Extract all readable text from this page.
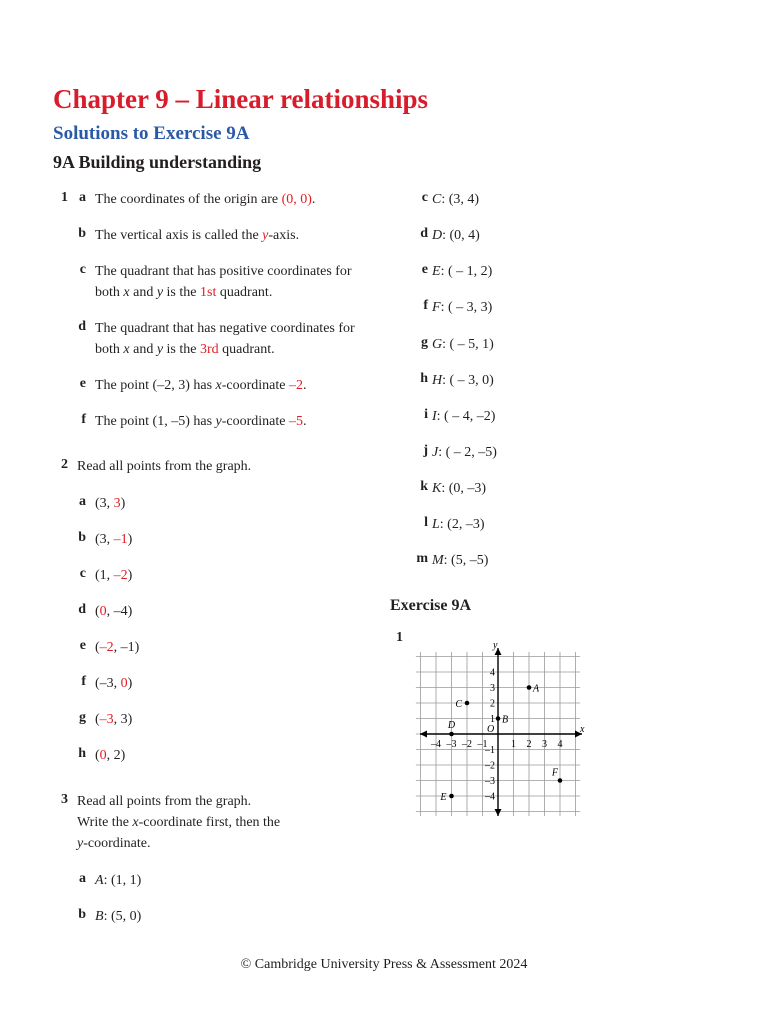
Chapter 9 – Linear relationships
Solutions to Exercise 9A
9A Building understanding
1 a The coordinates of the origin are (0, 0).
b The vertical axis is called the y-axis.
c The quadrant that has positive coordinates for
both x and y is the 1st quadrant.
d The quadrant that has negative coordinates for
both x and y is the 3rd quadrant.
e The point (–2, 3) has x-coordinate –2.
f The point (1, –5) has y-coordinate –5.
2 Read all points from the graph.
a (3, 3)
b (3, –1)
c (1, –2)
d (0, –4)
e (–2, –1)
f (–3, 0)
g (–3, 3)
h (0, 2)
3 Read all points from the graph.
Write the x-coordinate first, then the
y-coordinate.
a A: (1, 1)
b B: (5, 0)
c C: (3, 4)
d D: (0, 4)
e E: ( – 1, 2)
f F: ( – 3, 3)
g G: ( – 5, 1)
h H: ( – 3, 0)
i I: ( – 4, –2)
j J: ( – 2, –5)
k K: (0, –3)
l L: (2, –3)
m M: (5, –5)
Exercise 9A
1
x
y
O
–4 –3 –2 –1 1 2 3 4
4
3
2
1
–1
–2
–3
–4
A
B
C
D
E
F
© Cambridge University Press & Assessment 2024
